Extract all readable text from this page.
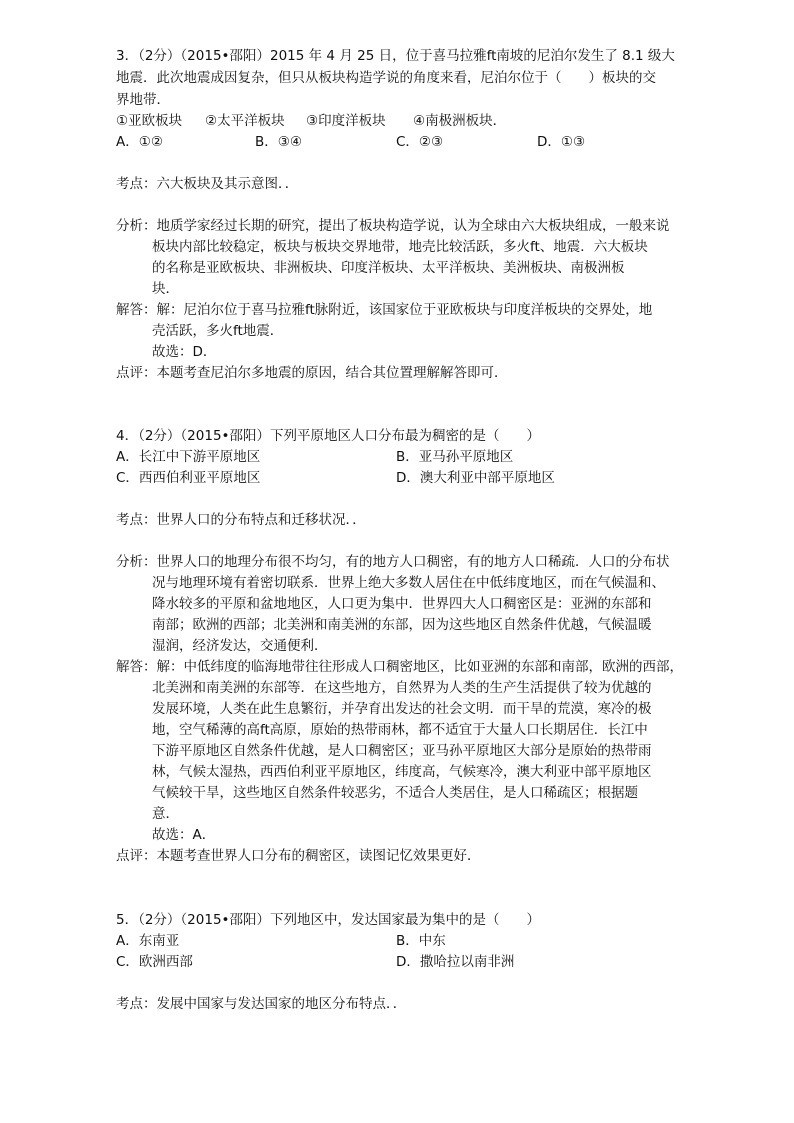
3．（2分）（2015•邵阳）2015 年 4 月 25 日，位于喜马拉雅ft南坡的尼泊尔发生了 8.1 级大
地震．此次地震成因复杂，但只从板块构造学说的角度来看，尼泊尔位于（　　）板块的交
界地带．
①亚欧板块 ②太平洋板块 ③印度洋板块 ④南极洲板块．
A．①②	B．③④	C．②③	D．①③
考点：六大板块及其示意图．．
分析：地质学家经过长期的研究，提出了板块构造学说，认为全球由六大板块组成，一般来说
板块内部比较稳定，板块与板块交界地带，地壳比较活跃，多火ft、地震．六大板块
的名称是亚欧板块、非洲板块、印度洋板块、太平洋板块、美洲板块、南极洲板
块．
解答：解：尼泊尔位于喜马拉雅ft脉附近，该国家位于亚欧板块与印度洋板块的交界处，地
壳活跃，多火ft地震．
故选：D．
点评：本题考查尼泊尔多地震的原因，结合其位置理解解答即可．
4．（2分）（2015•邵阳）下列平原地区人口分布最为稠密的是（　　）
A．长江中下游平原地区	B．亚马孙平原地区
C．西西伯利亚平原地区	D．澳大利亚中部平原地区
考点：世界人口的分布特点和迁移状况．．
分析：世界人口的地理分布很不均匀，有的地方人口稠密，有的地方人口稀疏．人口的分布状
况与地理环境有着密切联系．世界上绝大多数人居住在中低纬度地区，而在气候温和、
降水较多的平原和盆地地区，人口更为集中．世界四大人口稠密区是：亚洲的东部和
南部；欧洲的西部；北美洲和南美洲的东部，因为这些地区自然条件优越，气候温暖
湿润，经济发达，交通便利．
解答：解：中低纬度的临海地带往往形成人口稠密地区，比如亚洲的东部和南部，欧洲的西部，
北美洲和南美洲的东部等．在这些地方，自然界为人类的生产生活提供了较为优越的
发展环境，人类在此生息繁衍，并孕育出发达的社会文明．而干旱的荒漠，寒冷的极
地，空气稀薄的高ft高原，原始的热带雨林，都不适宜于大量人口长期居住．长江中
下游平原地区自然条件优越，是人口稠密区；亚马孙平原地区大部分是原始的热带雨
林，气候太湿热，西西伯利亚平原地区，纬度高，气候寒冷，澳大利亚中部平原地区
气候较干旱，这些地区自然条件较恶劣，不适合人类居住，是人口稀疏区；根据题
意．
故选：A．
点评：本题考查世界人口分布的稠密区，读图记忆效果更好．
5．（2分）（2015•邵阳）下列地区中，发达国家最为集中的是（　　）
A．东南亚	B．中东
C．欧洲西部	D．撒哈拉以南非洲
考点：发展中国家与发达国家的地区分布特点．．
